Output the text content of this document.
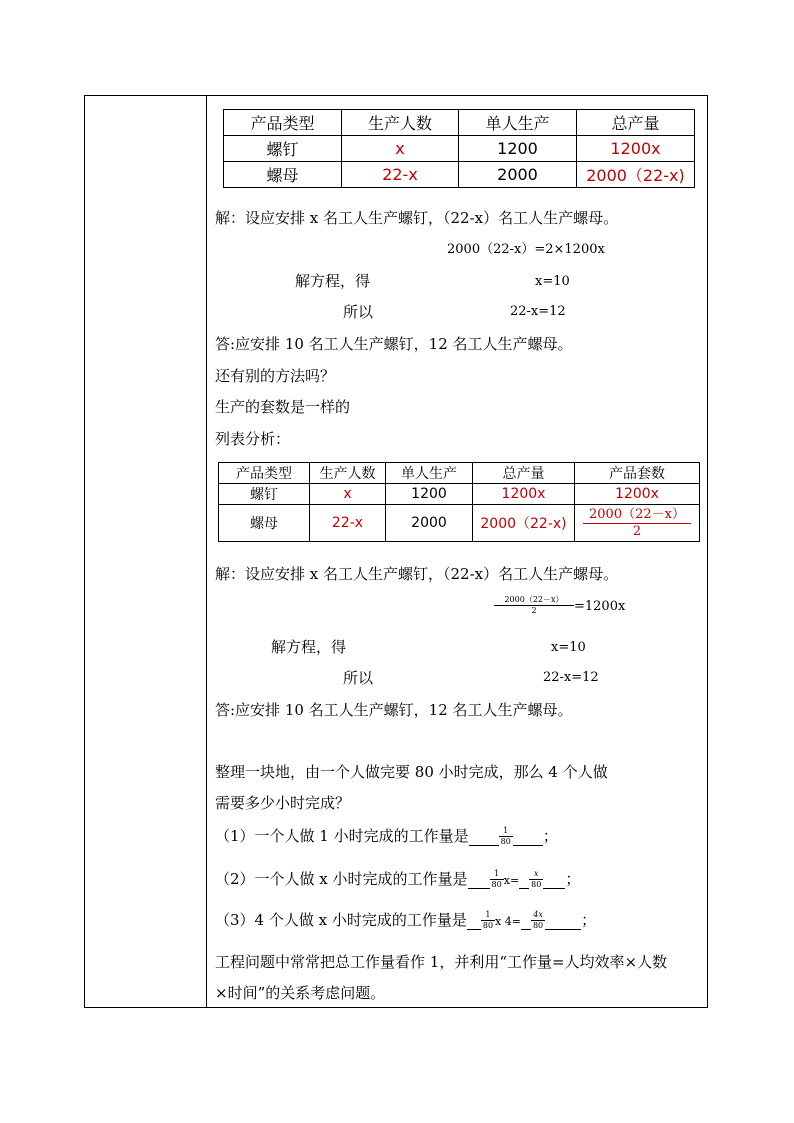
产品类型	生产人数	单人生产	总产量
螺钉	x	1200	1200x
螺母	22-x	2000	2000（22-x)
解：设应安排 x 名工人生产螺钉，（22-x）名工人生产螺母。
2000（22-x）=2×1200x
解方程，得	x=10
所以	22-x=12
答:应安排 10 名工人生产螺钉，12 名工人生产螺母。
还有别的方法吗？
生产的套数是一样的
列表分析：
产品类型	生产人数	单人生产	总产量	产品套数
螺钉	x	1200	1200x	1200x
螺母	22-x	2000	2000（22-x)	$\frac{2000(22-x)}{2}$
解：设应安排 x 名工人生产螺钉，（22-x）名工人生产螺母。
$\frac{2000(22-x)}{2} =1200x$
解方程，得	x=10
所以	22-x=12
答:应安排 10 名工人生产螺钉，12 名工人生产螺母。
整理一块地，由一个人做完要 80 小时完成，那么 4 个人做
需要多少小时完成？
（1）一个人做 1 小时完成的工作量是	$\frac{1}{80}$ ；
（2）一个人做 x 小时完成的工作量是	$\frac{1}{80} x= \frac{x}{80}$ ；
（3）4 个人做 x 小时完成的工作量是 $\frac{1}{80}$ x $4= \frac{4x}{80}$ ；
工程问题中常常把总工作量看作 1，并利用“工作量=人均效率×人数
×时间”的关系考虑问题。
